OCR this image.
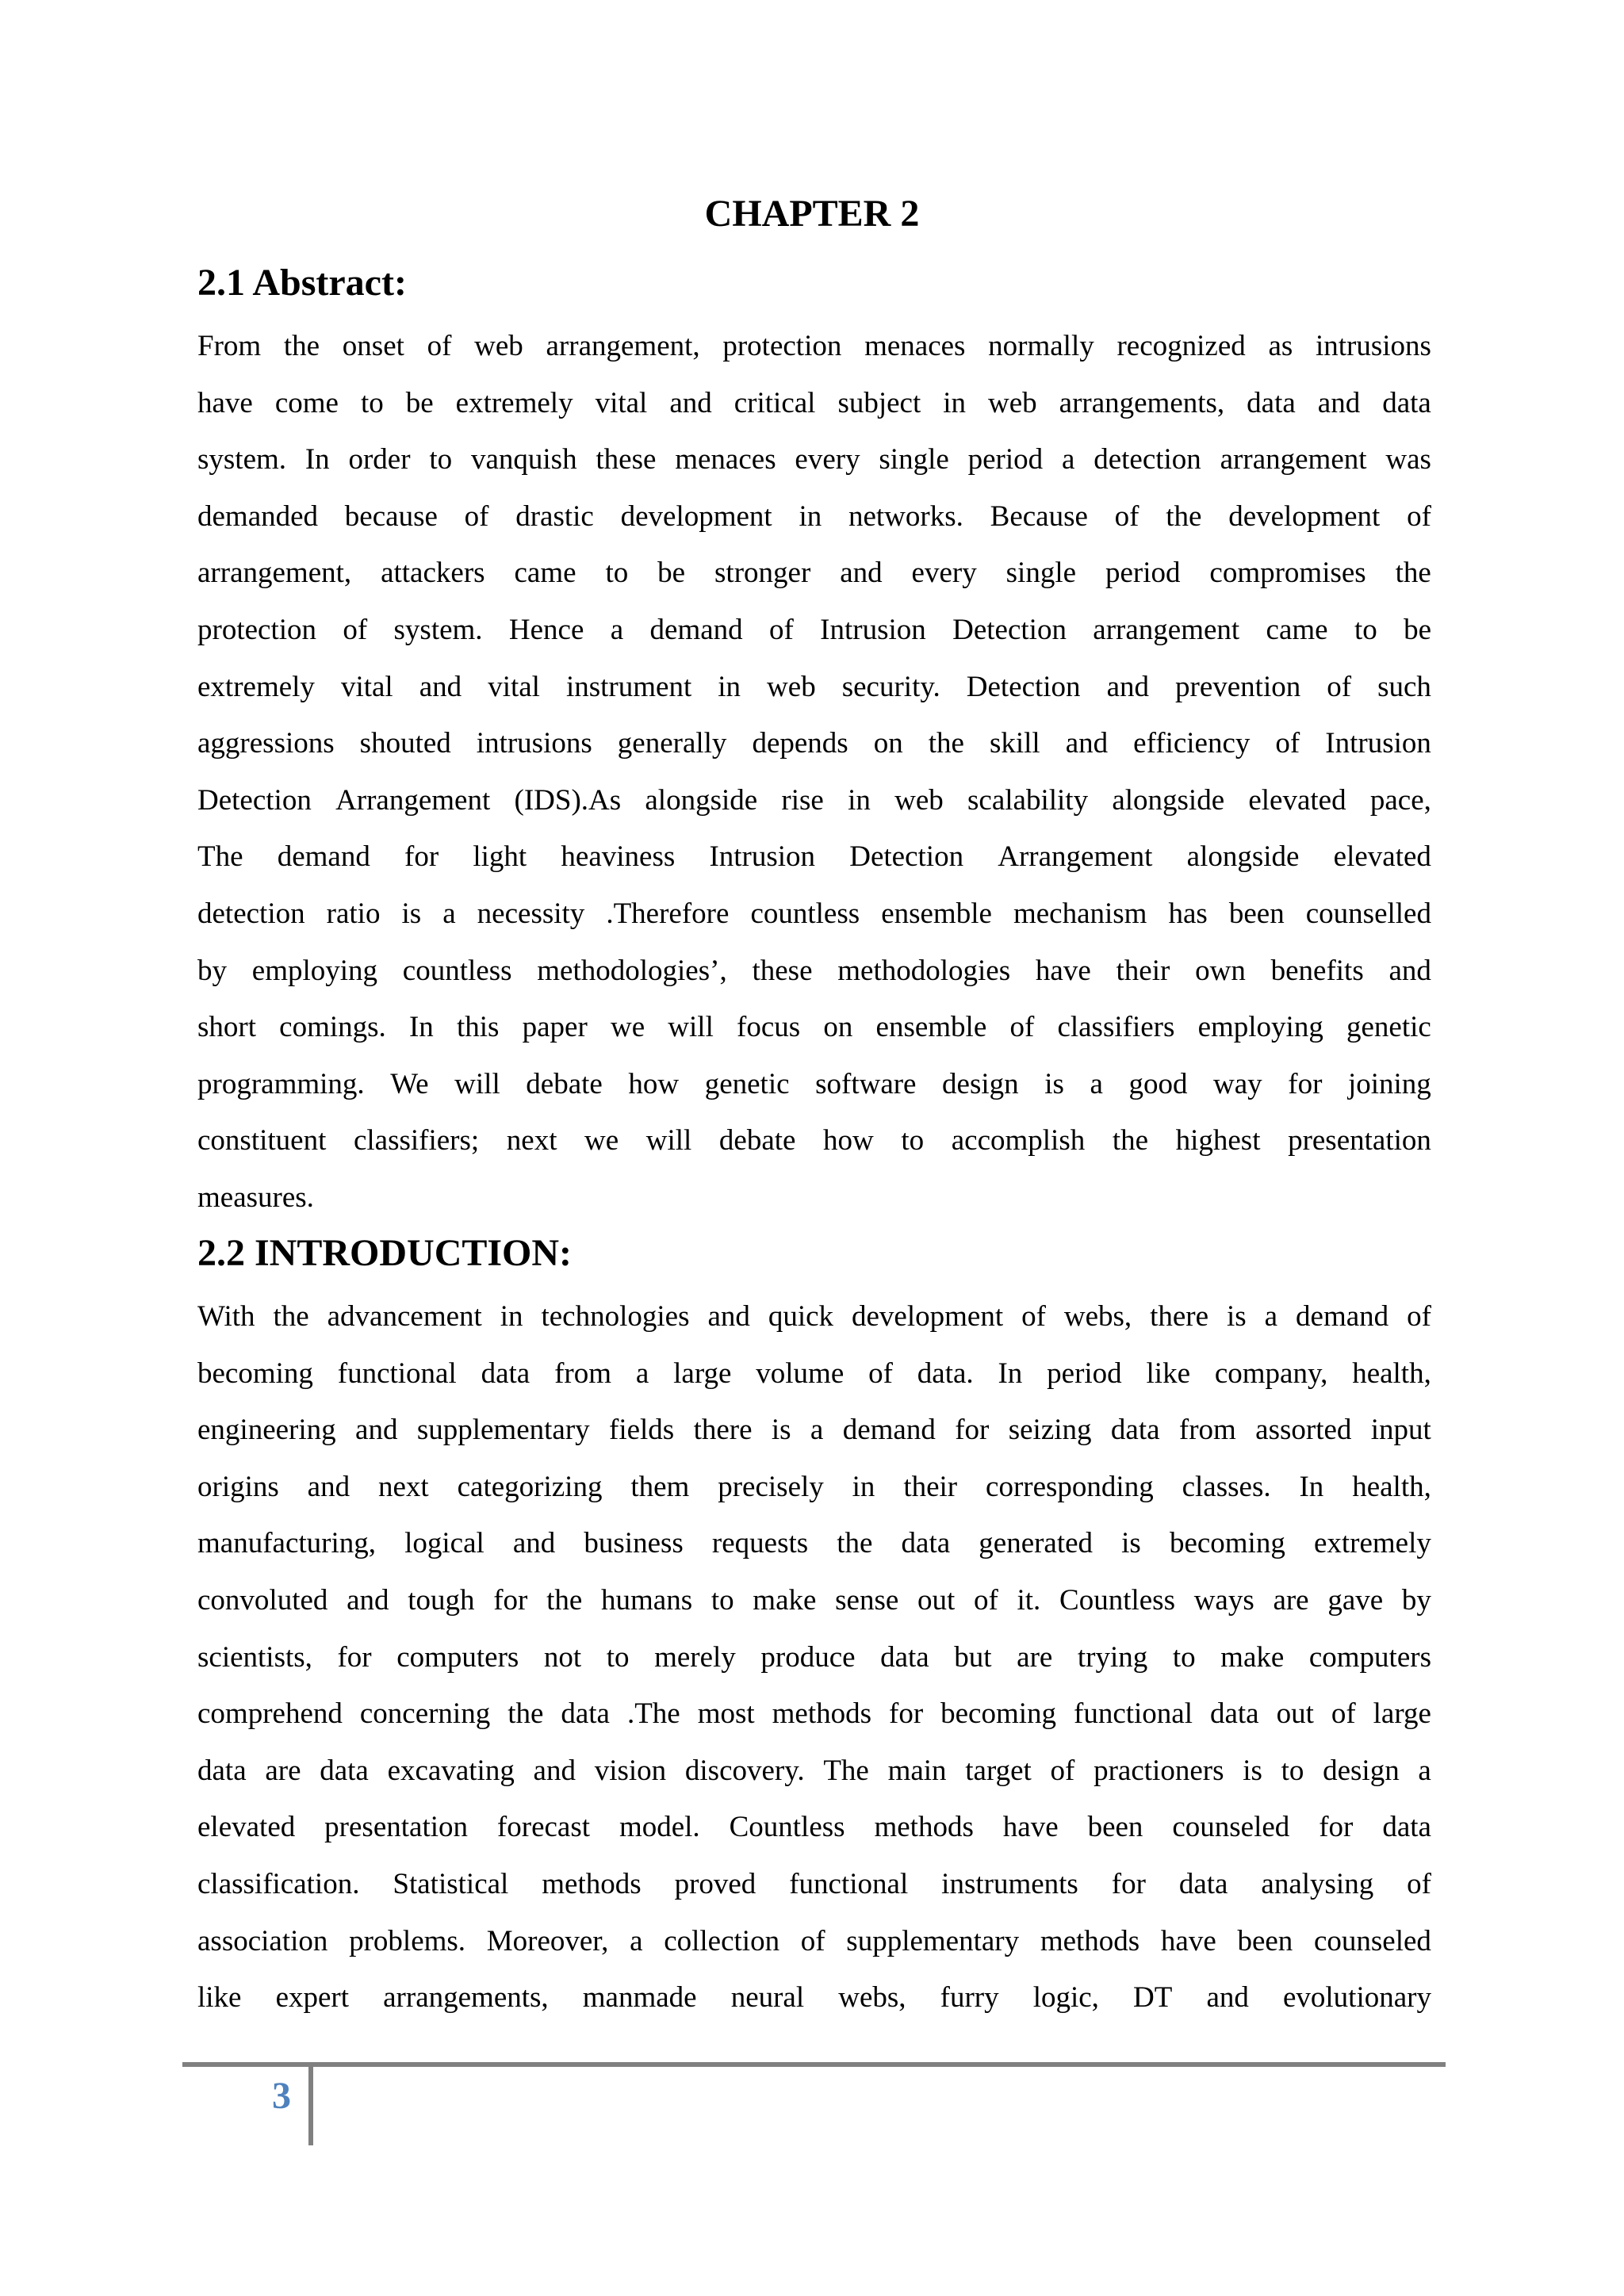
CHAPTER 2
2.1 Abstract:
From the onset of web arrangement, protection menaces normally recognized as intrusions
have come to be extremely vital and critical subject in web arrangements, data and data
system. In order to vanquish these menaces every single period a detection arrangement was
demanded because of drastic development in networks. Because of the development of
arrangement, attackers came to be stronger and every single period compromises the
protection of system. Hence a demand of Intrusion Detection arrangement came to be
extremely vital and vital instrument in web security. Detection and prevention of such
aggressions shouted intrusions generally depends on the skill and efficiency of Intrusion
Detection Arrangement (IDS).As alongside rise in web scalability alongside elevated pace,
The demand for light heaviness Intrusion Detection Arrangement alongside elevated
detection ratio is a necessity .Therefore countless ensemble mechanism has been counselled
by employing countless methodologies’, these methodologies have their own benefits and
short comings. In this paper we will focus on ensemble of classifiers employing genetic
programming. We will debate how genetic software design is a good way for joining
constituent classifiers; next we will debate how to accomplish the highest presentation
measures.
2.2 INTRODUCTION:
With the advancement in technologies and quick development of webs, there is a demand of
becoming functional data from a large volume of data. In period like company, health,
engineering and supplementary fields there is a demand for seizing data from assorted input
origins and next categorizing them precisely in their corresponding classes. In health,
manufacturing, logical and business requests the data generated is becoming extremely
convoluted and tough for the humans to make sense out of it. Countless ways are gave by
scientists, for computers not to merely produce data but are trying to make computers
comprehend concerning the data .The most methods for becoming functional data out of large
data are data excavating and vision discovery. The main target of practioners is to design a
elevated presentation forecast model. Countless methods have been counseled for data
classification. Statistical methods proved functional instruments for data analysing of
association problems. Moreover, a collection of supplementary methods have been counseled
like expert arrangements, manmade neural webs, furry logic, DT and evolutionary
3
